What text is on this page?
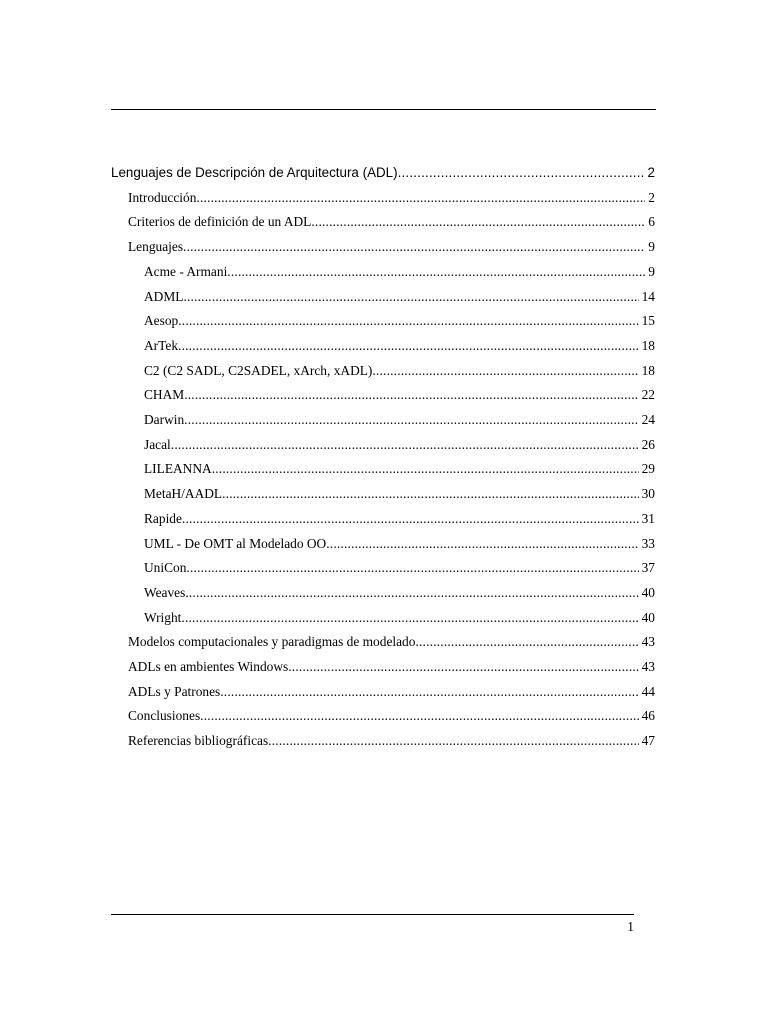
Lenguajes de Descripción de Arquitectura (ADL) .....	2
Introducción .....	2
Criterios de definición de un ADL .....	6
Lenguajes .....	9
Acme - Armani .....	9
ADML .....	14
Aesop .....	15
ArTek .....	18
C2 (C2 SADL, C2SADEL, xArch, xADL) .....	18
CHAM .....	22
Darwin .....	24
Jacal .....	26
LILEANNA .....	29
MetaH/AADL .....	30
Rapide .....	31
UML - De OMT al Modelado OO .....	33
UniCon .....	37
Weaves .....	40
Wright .....	40
Modelos computacionales y paradigmas de modelado .....	43
ADLs en ambientes Windows .....	43
ADLs y Patrones .....	44
Conclusiones .....	46
Referencias bibliográficas .....	47
1
